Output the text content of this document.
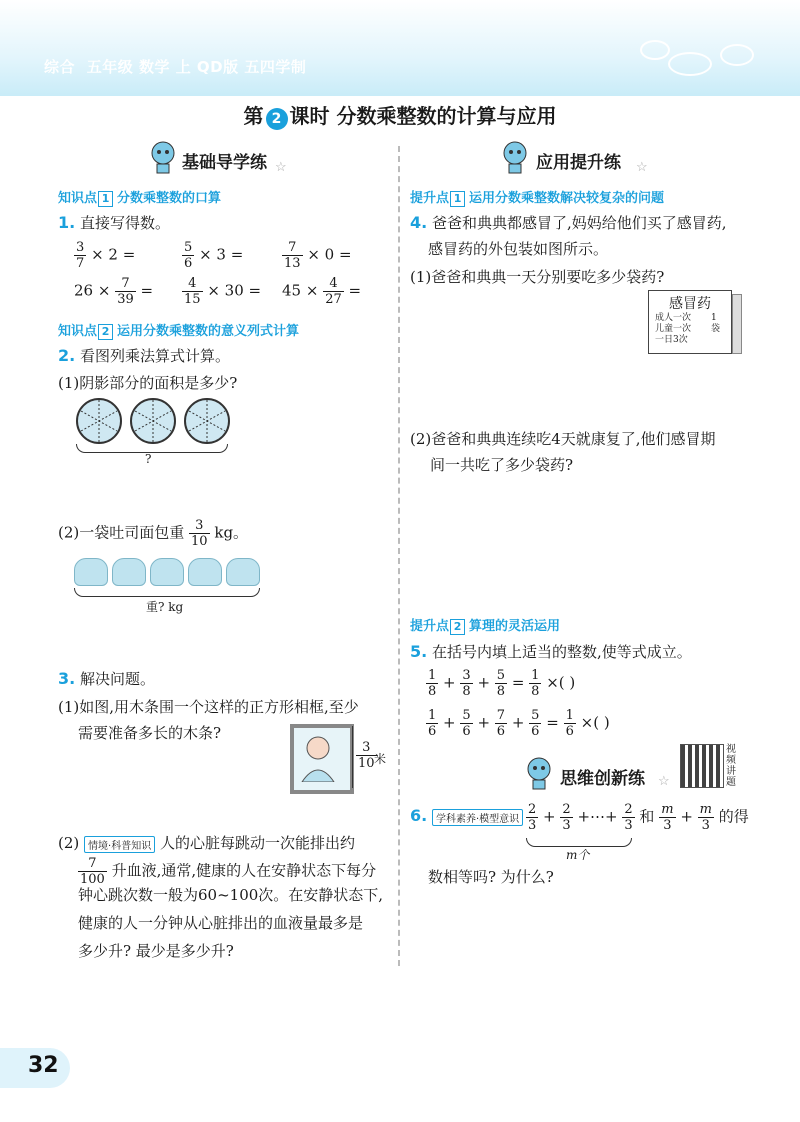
综合 五年级 数学 上 QD版 五四学制
第 2 课时 分数乘整数的计算与应用
基础导学练 ☆
知识点 1 分数乘整数的口算
1. 直接写得数。
$\frac{3}{7} \times 2$ =	$\frac{5}{6} \times 3$ =	$\frac{7}{13} \times 0$ =
$26 \times \frac{7}{39} = \frac{4}{15} \times 30 = 45 \times \frac{4}{27}$ =
知识点 2 运用分数乘整数的意义列式计算
2. 看图列乘法算式计算。
(1)阴影部分的面积是多少?
?
(2)一袋吐司面包重 $\frac{3}{10}$ kg。
重? kg
3. 解决问题。
(1)如图,用木条围一个这样的正方形相框,至少
需要准备多长的木条?
$\frac{3}{10}$
米
(2) 情境·科普知识 人的心脏每跳动一次能排出约
$\frac{7}{100}$ 升血液,通常,健康的人在安静状态下每分
钟心跳次数一般为60~100次。在安静状态下,
健康的人一分钟从心脏排出的血液量最多是
多少升? 最少是多少升?
应用提升练 ☆
提升点 1 运用分数乘整数解决较复杂的问题
4. 爸爸和典典都感冒了,妈妈给他们买了感冒药,
感冒药的外包装如图所示。
(1)爸爸和典典一天分别要吃多少袋药?
感冒药
成人一次
儿童一次
一日3次
1
袋
(2)爸爸和典典连续吃4天就康复了,他们感冒期
间一共吃了多少袋药?
提升点 2 算理的灵活运用
5. 在括号内填上适当的整数,使等式成立。
$\frac{1}{8} + \frac{3}{8} + \frac{5}{8} = \frac{1}{8}$ ×( )
$\frac{1}{6} + \frac{5}{6} + \frac{7}{6} + \frac{5}{6} = \frac{1}{6}$ ×( )
思维创新练 ☆
视频讲题
6. 学科素养·模型意识 $\frac{2}{3} + \frac{2}{3}$ +⋯+ $\frac{2}{3}$ 和 $\frac{m}{3} + \frac{m}{3}$ 的得
m个
数相等吗? 为什么?
32
